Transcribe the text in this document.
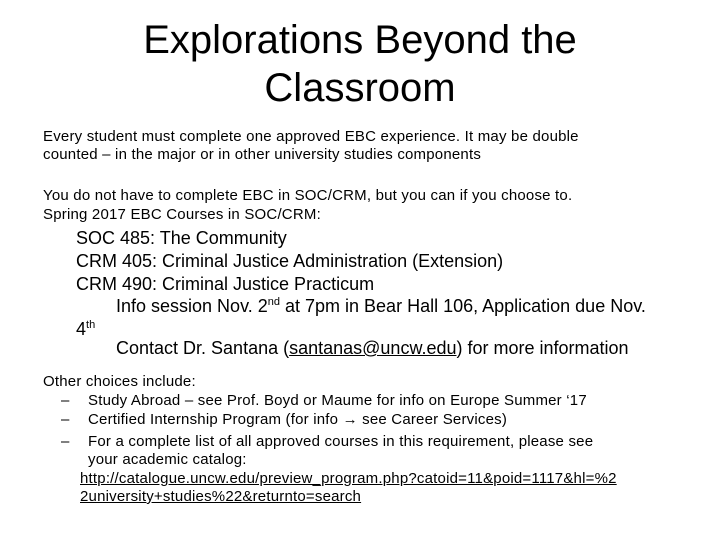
Explorations Beyond the
Classroom
Every student must complete one approved EBC experience. It may be double
counted – in the major or in other university studies components
You do not have to complete EBC in SOC/CRM, but you can if you choose to.
Spring 2017 EBC Courses in SOC/CRM:
SOC 485: The Community
CRM 405: Criminal Justice Administration (Extension)
CRM 490: Criminal Justice Practicum
Info session Nov. 2nd at 7pm in Bear Hall 106, Application due Nov.
4th
Contact Dr. Santana (santanas@uncw.edu) for more information
Other choices include:
– Study Abroad – see Prof. Boyd or Maume for info on Europe Summer ‘17
– Certified Internship Program (for info → see Career Services)
– For a complete list of all approved courses in this requirement, please see
your academic catalog:
http://catalogue.uncw.edu/preview_program.php?catoid=11&poid=1117&hl=%2
2university+studies%22&returnto=search
